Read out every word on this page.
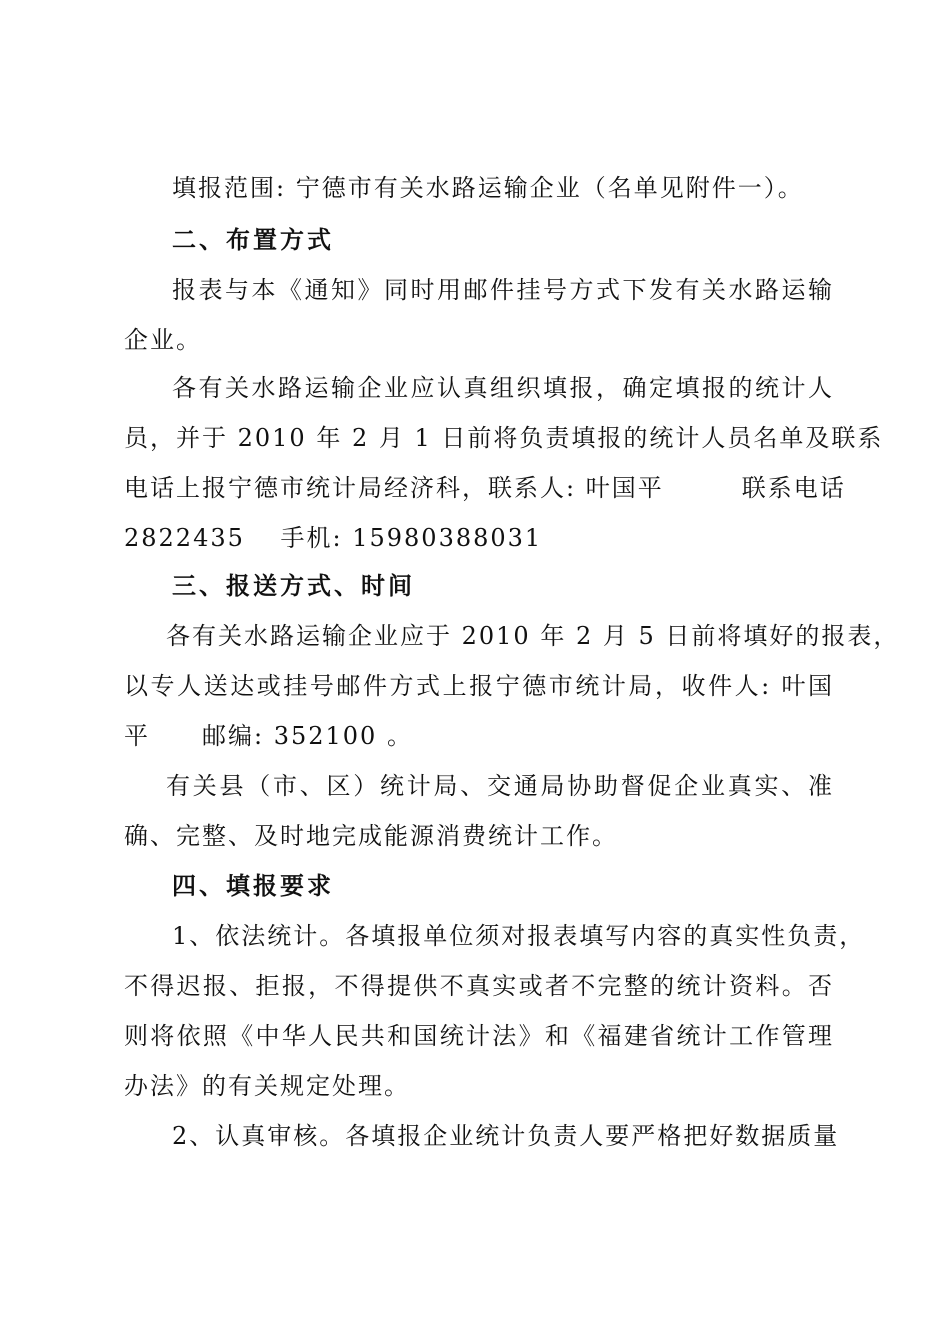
填报范围: 宁德市有关水路运输企业（名单见附件一）。
二、布置方式
报表与本《通知》同时用邮件挂号方式下发有关水路运输
企业。
各有关水路运输企业应认真组织填报，确定填报的统计人
员，并于 2010 年 2 月 1 日前将负责填报的统计人员名单及联系
电话上报宁德市统计局经济科，联系人: 叶国平　　　联系电话
2822435　 手机: 15980388031
三、报送方式、时间
各有关水路运输企业应于 2010 年 2 月 5 日前将填好的报表，
以专人送达或挂号邮件方式上报宁德市统计局，收件人: 叶国
平　　邮编: 352100 。
有关县（市、区）统计局、交通局协助督促企业真实、准
确、完整、及时地完成能源消费统计工作。
四、填报要求
1、依法统计。各填报单位须对报表填写内容的真实性负责，
不得迟报、拒报，不得提供不真实或者不完整的统计资料。否
则将依照《中华人民共和国统计法》和《福建省统计工作管理
办法》的有关规定处理。
2、认真审核。各填报企业统计负责人要严格把好数据质量
